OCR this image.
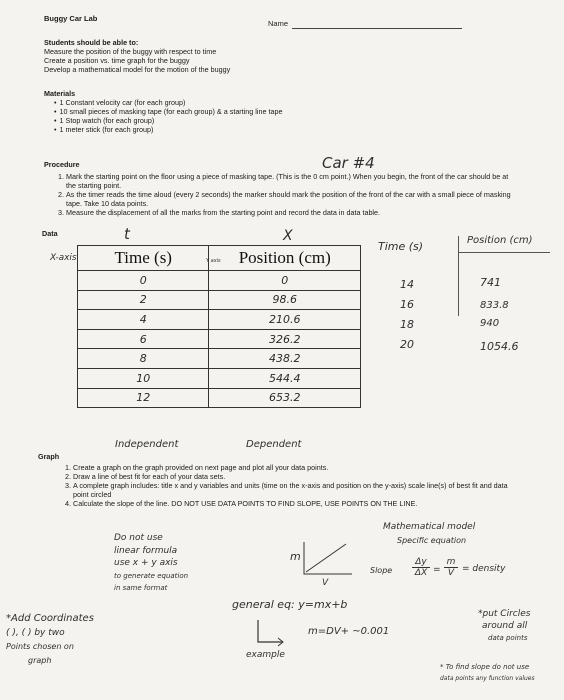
Buggy Car Lab
Name
Students should be able to:
Measure the position of the buggy with respect to time
Create a position vs. time graph for the buggy
Develop a mathematical model for the motion of the buggy
Materials
• 1 Constant velocity car (for each group)
• 10 small pieces of masking tape (for each group) & a starting line tape
• 1 Stop watch (for each group)
• 1 meter stick (for each group)
Procedure	Car #4
1. Mark the starting point on the floor using a piece of masking tape. (This is the 0 cm point.) When you begin, the front of the car should be at the starting point.
2. As the timer reads the time aloud (every 2 seconds) the marker should mark the position of the front of the car with a small piece of masking tape. Take 10 data points.
3. Measure the displacement of all the marks from the starting point and record the data in data table.
Data	t	X
X-axis	Y axis
Time (s)	Position (cm)
0	0
2	98.6
4	210.6
6	326.2
8	438.2
10	544.4
12	653.2
Independent	Dependent
Time (s)	Position (cm)
14	741
16	833.8
18	940
20	1054.6
Graph
1. Create a graph on the graph provided on next page and plot all your data points.
2. Draw a line of best fit for each of your data sets.
3. A complete graph includes: title x and y variables and units (time on the x-axis and position on the y-axis) scale line(s) of best fit and data point circled
4. Calculate the slope of the line. DO NOT USE DATA POINTS TO FIND SLOPE, USE POINTS ON THE LINE.
Do not use
linear formula
use x + y axis
to generate equation
in same format
*Add Coordinates
( ), ( ) by two
Points chosen on
graph
m
V
Mathematical model
Specific equation
Slope $\frac{\Delta y}{\Delta X} = \frac{m}{V}$ = density
general eq: y=mx+b
m=DV+ ~0.001
example
*put Circles
around all
data points
* To find slope do not use
data points any function values
